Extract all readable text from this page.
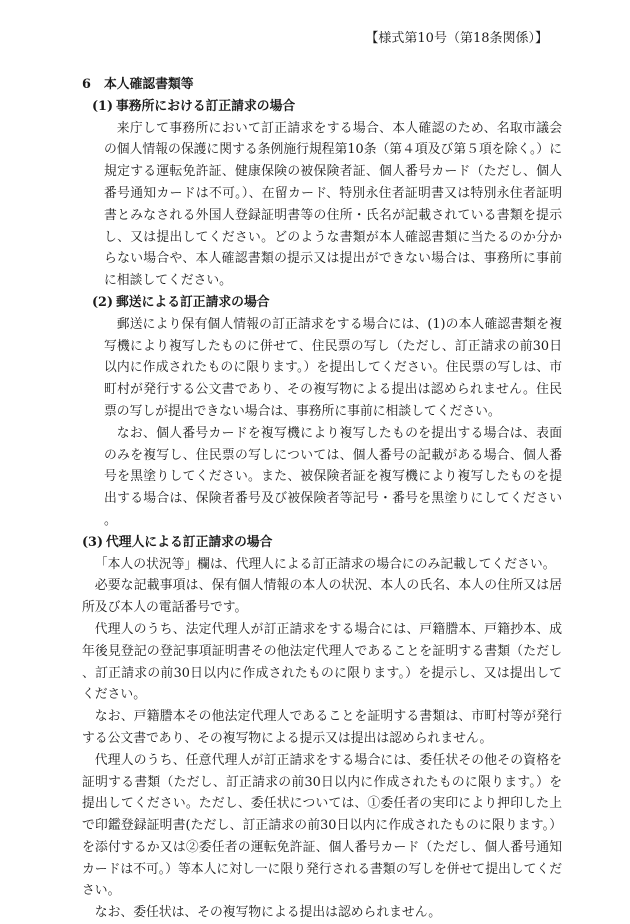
【様式第10号（第18条関係）】
6 本人確認書類等
(1) 事務所における訂正請求の場合

来庁して事務所において訂正請求をする場合、本人確認のため、名取市議会の個人情報の保護に関する条例施行規程第10条（第４項及び第５項を除く。）に規定する運転免許証、健康保険の被保険者証、個人番号カード（ただし、個人番号通知カードは不可。）、在留カード、特別永住者証明書又は特別永住者証明書とみなされる外国人登録証明書等の住所・氏名が記載されている書類を提示し、又は提出してください。どのような書類が本人確認書類に当たるのか分からない場合や、本人確認書類の提示又は提出ができない場合は、事務所に事前に相談してください。

(2) 郵送による訂正請求の場合

郵送により保有個人情報の訂正請求をする場合には、(1)の本人確認書類を複写機により複写したものに併せて、住民票の写し（ただし、訂正請求の前30日以内に作成されたものに限ります。）を提出してください。住民票の写しは、市町村が発行する公文書であり、その複写物による提出は認められません。住民票の写しが提出できない場合は、事務所に事前に相談してください。

なお、個人番号カードを複写機により複写したものを提出する場合は、表面のみを複写し、住民票の写しについては、個人番号の記載がある場合、個人番号を黒塗りしてください。また、被保険者証を複写機により複写したものを提出する場合は、保険者番号及び被保険者等記号・番号を黒塗りにしてください。

(3) 代理人による訂正請求の場合

「本人の状況等」欄は、代理人による訂正請求の場合にのみ記載してください。

必要な記載事項は、保有個人情報の本人の状況、本人の氏名、本人の住所又は居所及び本人の電話番号です。

代理人のうち、法定代理人が訂正請求をする場合には、戸籍謄本、戸籍抄本、成年後見登記の登記事項証明書その他法定代理人であることを証明する書類（ただし、訂正請求の前30日以内に作成されたものに限ります。）を提示し、又は提出してください。

なお、戸籍謄本その他法定代理人であることを証明する書類は、市町村等が発行する公文書であり、その複写物による提示又は提出は認められません。

代理人のうち、任意代理人が訂正請求をする場合には、委任状その他その資格を証明する書類（ただし、訂正請求の前30日以内に作成されたものに限ります。）を提出してください。ただし、委任状については、①委任者の実印により押印した上で印鑑登録証明書(ただし、訂正請求の前30日以内に作成されたものに限ります。）を添付するか又は②委任者の運転免許証、個人番号カード（ただし、個人番号通知カードは不可。）等本人に対し一に限り発行される書類の写しを併せて提出してください。

なお、委任状は、その複写物による提出は認められません。
